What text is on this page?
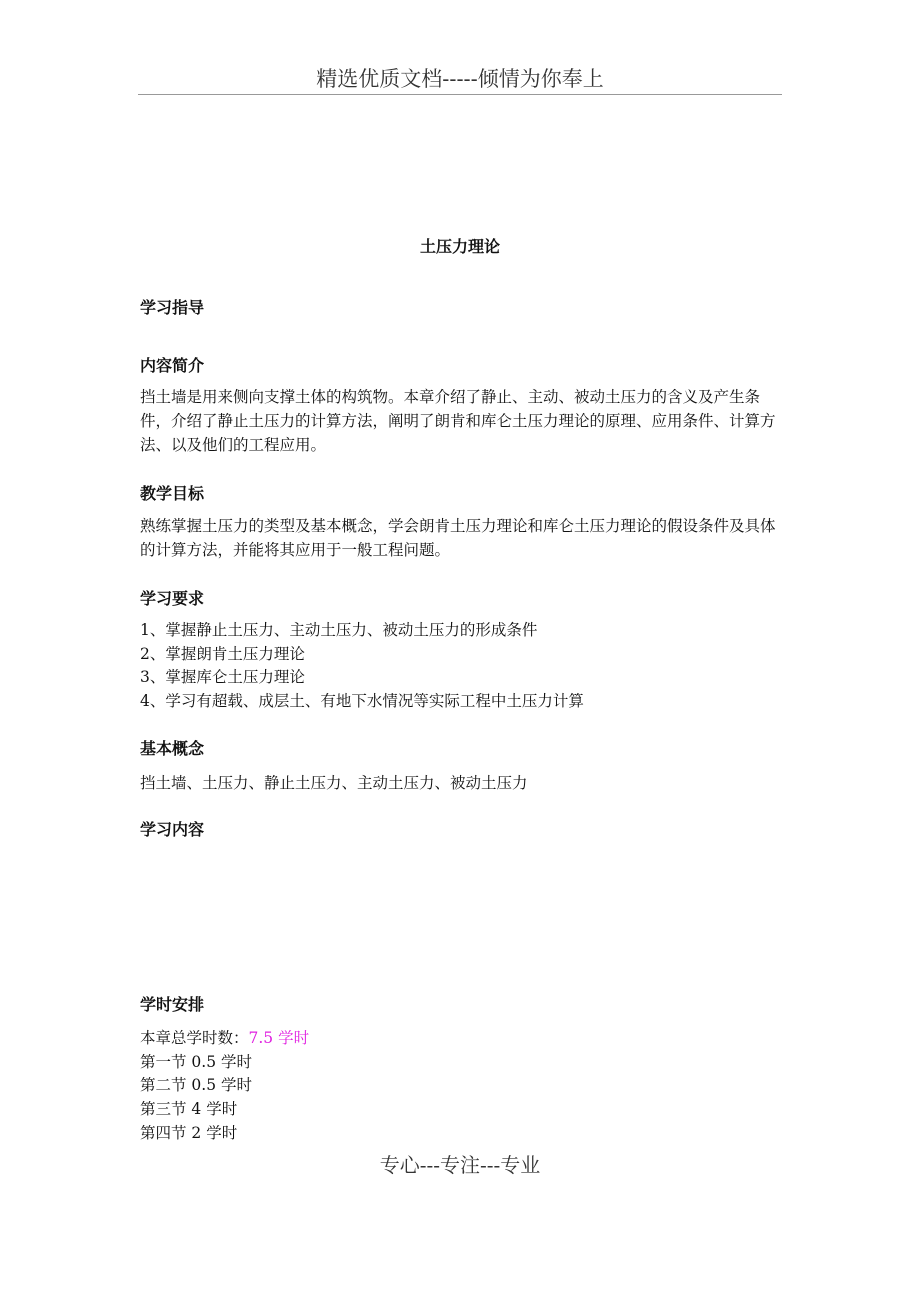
精选优质文档-----倾情为你奉上
土压力理论
学习指导
内容简介

挡土墙是用来侧向支撑土体的构筑物。本章介绍了静止、主动、被动土压力的含义及产生条件，介绍了静止土压力的计算方法，阐明了朗肯和库仑土压力理论的原理、应用条件、计算方法、以及他们的工程应用。

教学目标

熟练掌握土压力的类型及基本概念，学会朗肯土压力理论和库仑土压力理论的假设条件及具体的计算方法，并能将其应用于一般工程问题。

学习要求
1、掌握静止土压力、主动土压力、被动土压力的形成条件
2、掌握朗肯土压力理论
3、掌握库仑土压力理论
4、学习有超载、成层土、有地下水情况等实际工程中土压力计算
基本概念

挡土墙、土压力、静止土压力、主动土压力、被动土压力

学习内容
学时安排
本章总学时数：7.5 学时
第一节 0.5 学时
第二节 0.5 学时
第三节 4 学时
第四节 2 学时
专心---专注---专业
